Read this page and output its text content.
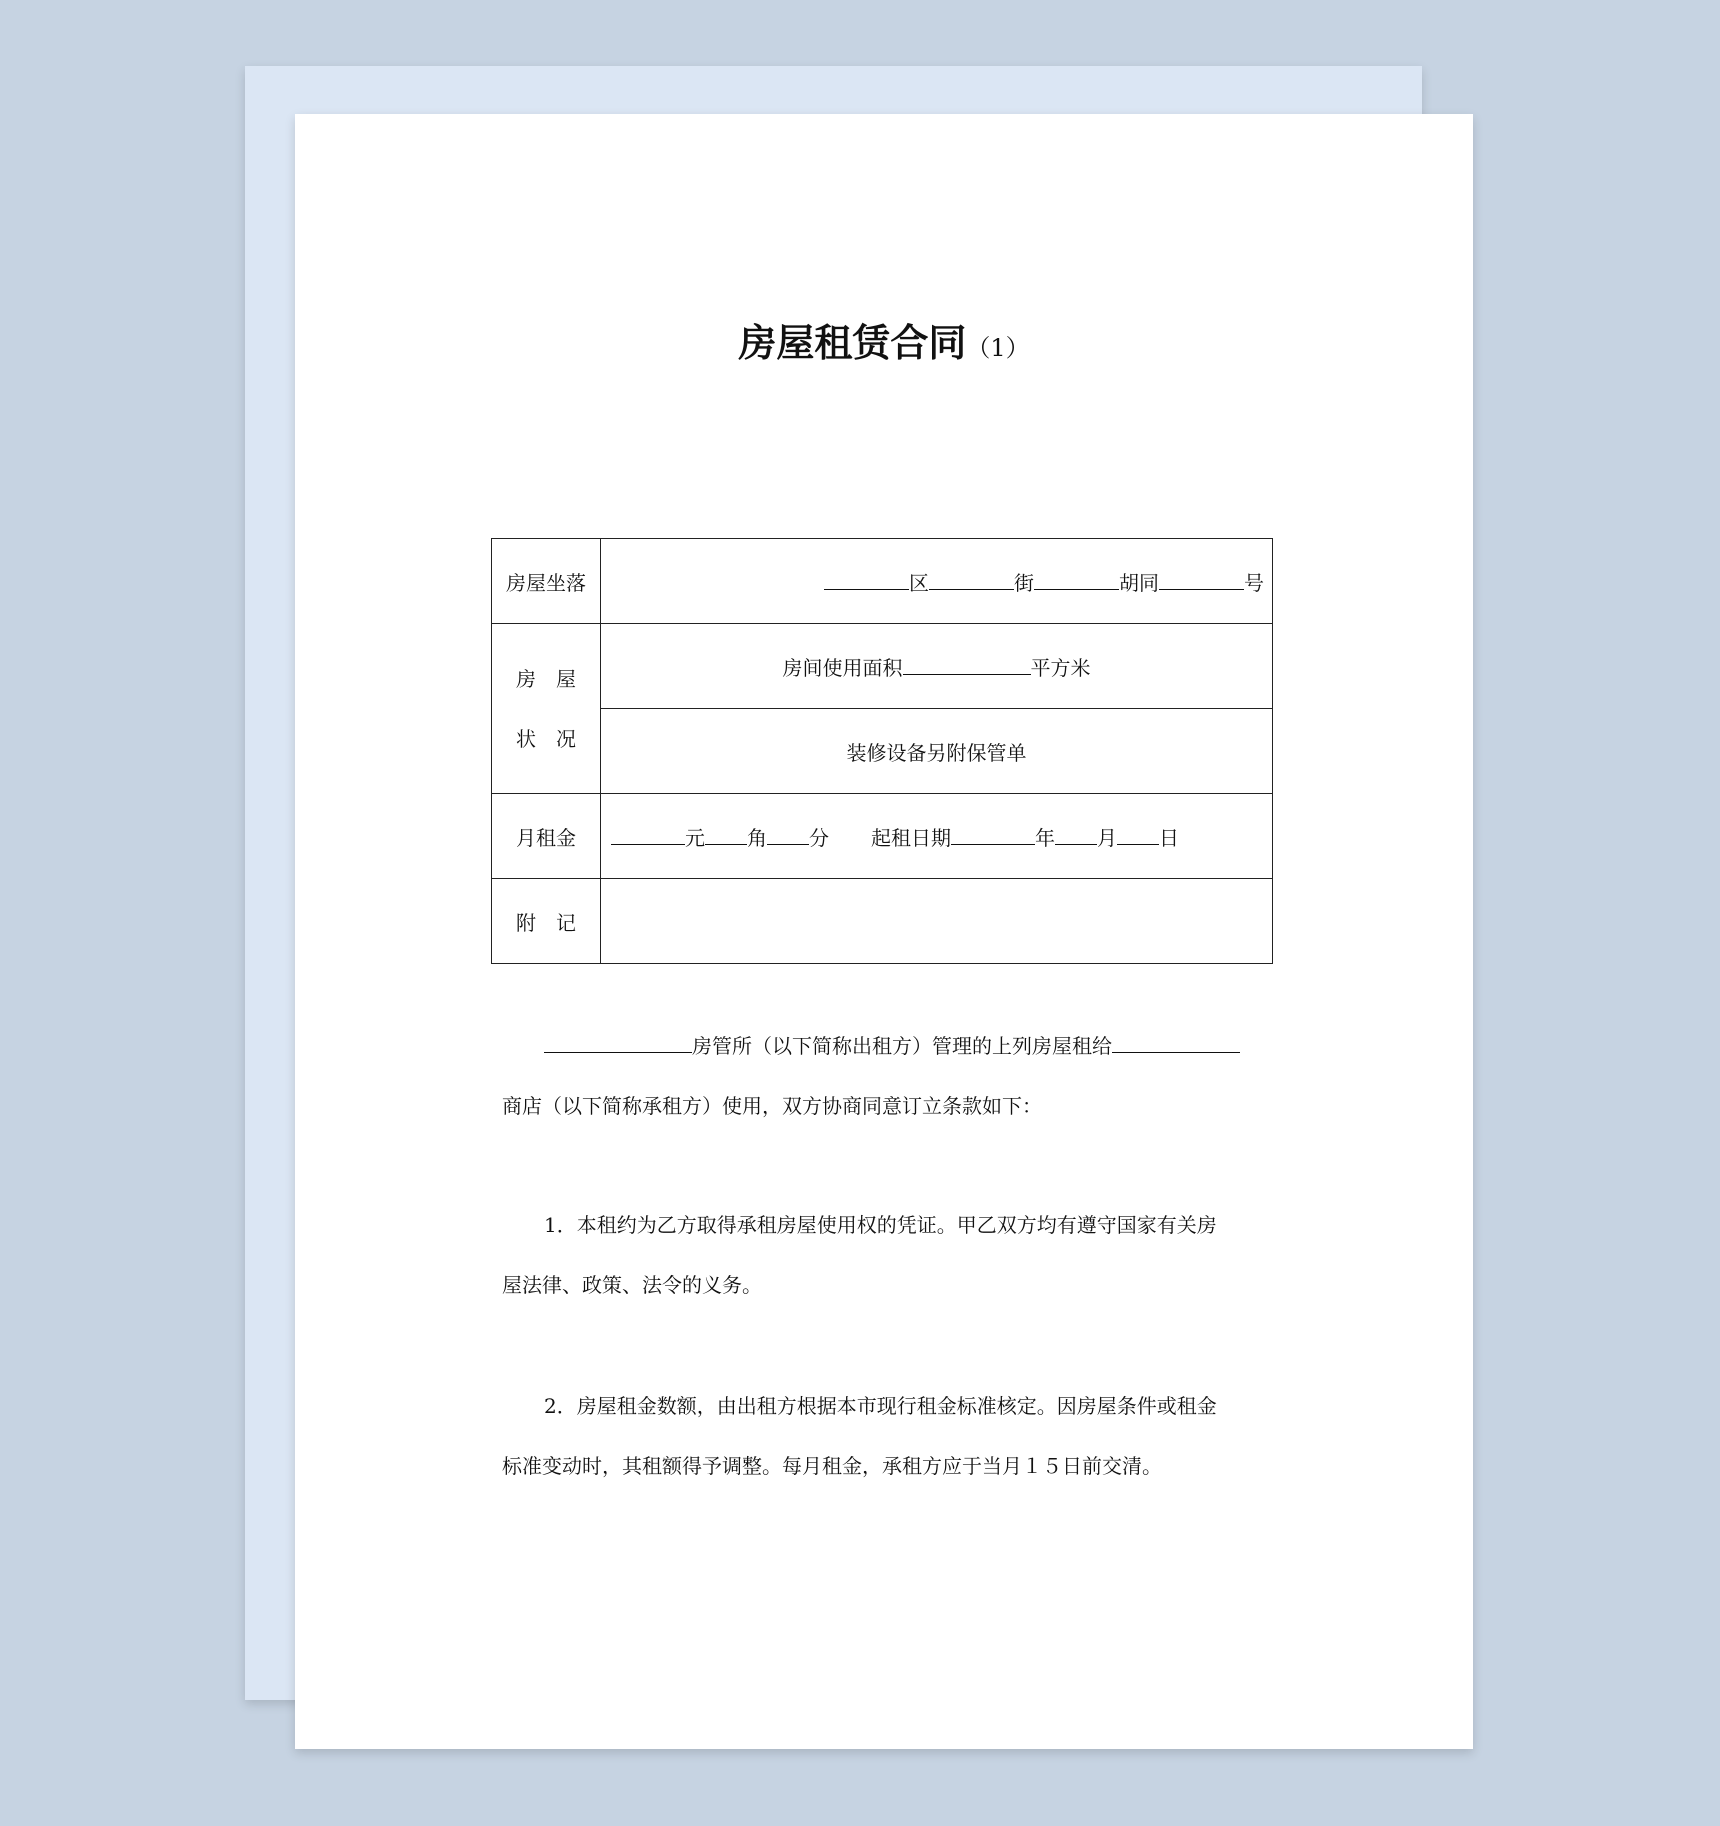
房屋租赁合同（1）
房屋坐落	区 街 胡同 号

房　屋
状　况	房间使用面积 平方米
	装修设备另附保管单
月租金	元 角 分 起租日期 年 月 日
附　记	
房管所（以下简称出租方）管理的上列房屋租给
商店（以下简称承租方）使用，双方协商同意订立条款如下：
1．本租约为乙方取得承租房屋使用权的凭证。甲乙双方均有遵守国家有关房
屋法律、政策、法令的义务。
2．房屋租金数额，由出租方根据本市现行租金标准核定。因房屋条件或租金
标准变动时，其租额得予调整。每月租金，承租方应于当月１５日前交清。
